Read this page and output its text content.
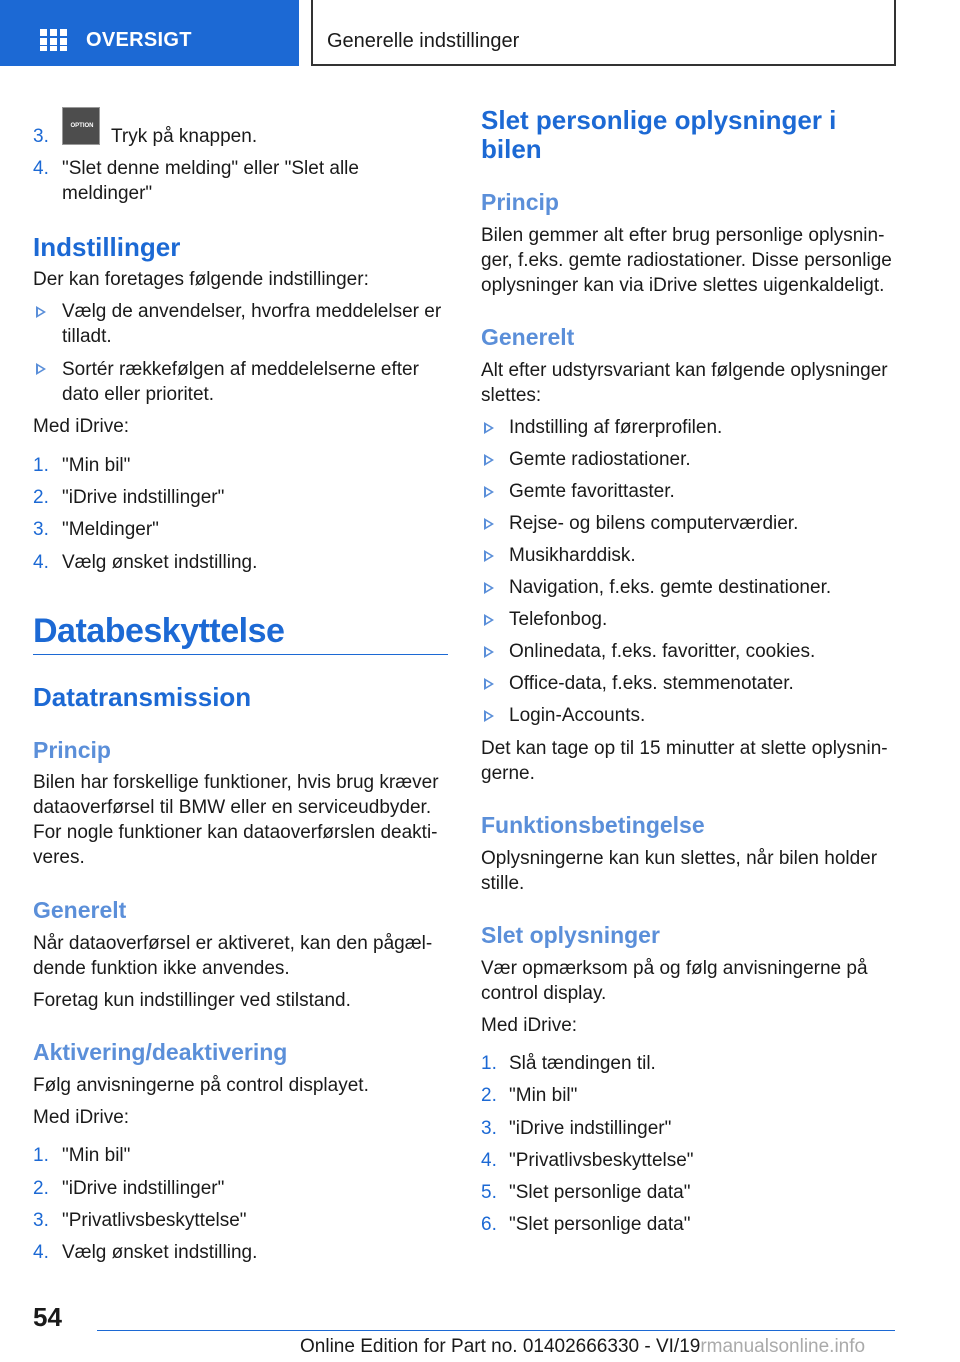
OVERSIGT	Generelle indstillinger
3.	OPTION Tryk på knappen.
4. "Slet denne melding" eller "Slet alle
meldinger"
Indstillinger
Der kan foretages følgende indstillinger:
Vælg de anvendelser, hvorfra meddelelser er
tilladt.
Sortér rækkefølgen af meddelelserne efter
dato eller prioritet.
Med iDrive:
1. "Min bil"
2. "iDrive indstillinger"
3. "Meldinger"
4. Vælg ønsket indstilling.
Databeskyttelse
Datatransmission
Princip
Bilen har forskellige funktioner, hvis brug kræver
dataoverførsel til BMW eller en serviceudbyder.
For nogle funktioner kan dataoverførslen deakti‐
veres.
Generelt
Når dataoverførsel er aktiveret, kan den pågæl‐
dende funktion ikke anvendes.
Foretag kun indstillinger ved stilstand.
Aktivering/deaktivering
Følg anvisningerne på control displayet.
Med iDrive:
1. "Min bil"
2. "iDrive indstillinger"
3. "Privatlivsbeskyttelse"
4. Vælg ønsket indstilling.
Slet personlige oplysninger i
bilen
Princip
Bilen gemmer alt efter brug personlige oplysnin‐
ger, f.eks. gemte radiostationer. Disse personlige
oplysninger kan via iDrive slettes uigenkaldeligt.
Generelt
Alt efter udstyrsvariant kan følgende oplysninger
slettes:
Indstilling af førerprofilen.
Gemte radiostationer.
Gemte favorittaster.
Rejse- og bilens computerværdier.
Musikharddisk.
Navigation, f.eks. gemte destinationer.
Telefonbog.
Onlinedata, f.eks. favoritter, cookies.
Office-data, f.eks. stemmenotater.
Login-Accounts.
Det kan tage op til 15 minutter at slette oplysnin‐
gerne.
Funktionsbetingelse
Oplysningerne kan kun slettes, når bilen holder
stille.
Slet oplysninger
Vær opmærksom på og følg anvisningerne på
control display.
Med iDrive:
1. Slå tændingen til.
2. "Min bil"
3. "iDrive indstillinger"
4. "Privatlivsbeskyttelse"
5. "Slet personlige data"
6. "Slet personlige data"
54
Online Edition for Part no. 01402666330 - VI/19rmanualsonline.info
